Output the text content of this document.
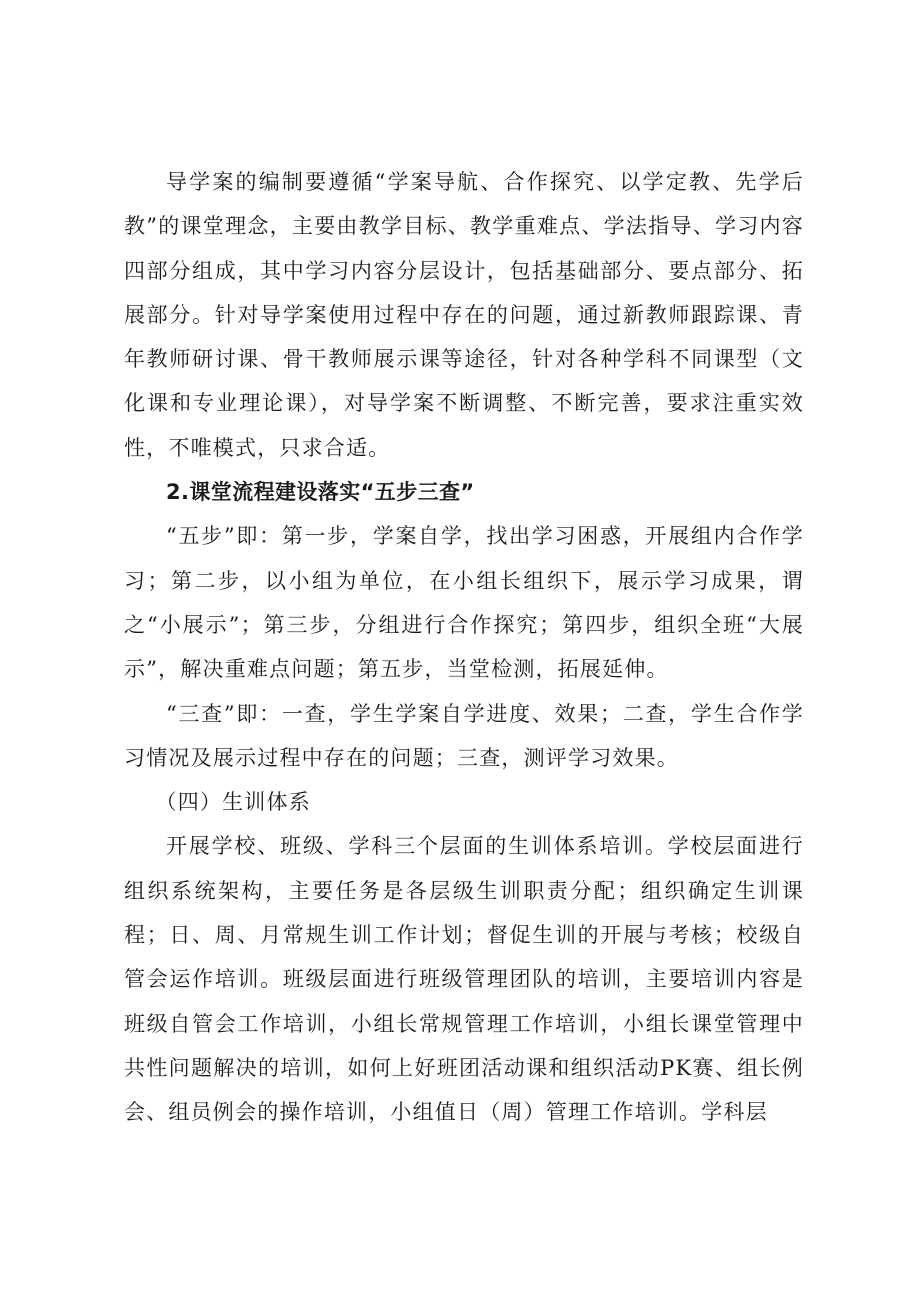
导学案的编制要遵循“学案导航、合作探究、以学定教、先学后教”的课堂理念，主要由教学目标、教学重难点、学法指导、学习内容四部分组成，其中学习内容分层设计，包括基础部分、要点部分、拓展部分。针对导学案使用过程中存在的问题，通过新教师跟踪课、青年教师研讨课、骨干教师展示课等途径，针对各种学科不同课型（文化课和专业理论课），对导学案不断调整、不断完善，要求注重实效性，不唯模式，只求合适。

2.课堂流程建设落实“五步三查”

“五步”即：第一步，学案自学，找出学习困惑，开展组内合作学习；第二步，以小组为单位，在小组长组织下，展示学习成果，谓之“小展示”；第三步，分组进行合作探究；第四步，组织全班“大展示”，解决重难点问题；第五步，当堂检测，拓展延伸。

“三查”即：一查，学生学案自学进度、效果；二查，学生合作学习情况及展示过程中存在的问题；三查，测评学习效果。

（四）生训体系

开展学校、班级、学科三个层面的生训体系培训。学校层面进行组织系统架构，主要任务是各层级生训职责分配；组织确定生训课程；日、周、月常规生训工作计划；督促生训的开展与考核；校级自管会运作培训。班级层面进行班级管理团队的培训，主要培训内容是班级自管会工作培训，小组长常规管理工作培训，小组长课堂管理中共性问题解决的培训，如何上好班团活动课和组织活动PK赛、组长例会、组员例会的操作培训，小组值日（周）管理工作培训。学科层
